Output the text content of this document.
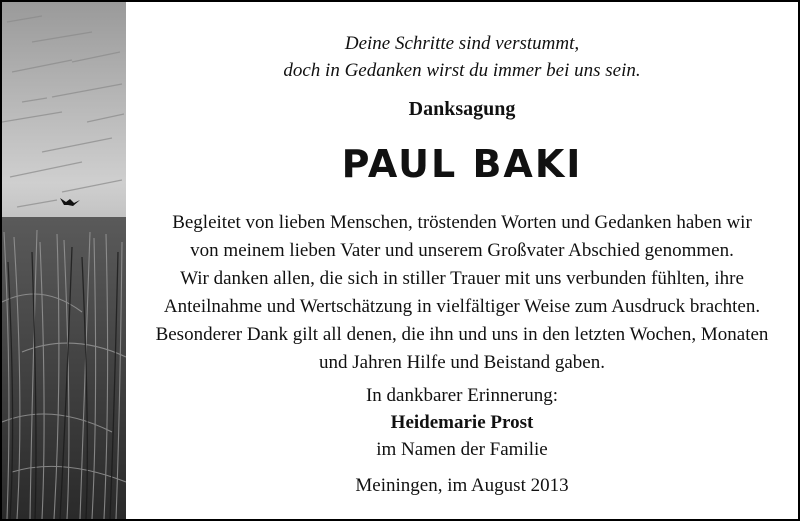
Deine Schritte sind verstummt,
doch in Gedanken wirst du immer bei uns sein.
Danksagung
PAUL BAKI
Begleitet von lieben Menschen, tröstenden Worten und Gedanken haben wir
von meinem lieben Vater und unserem Großvater Abschied genommen.
Wir danken allen, die sich in stiller Trauer mit uns verbunden fühlten, ihre
Anteilnahme und Wertschätzung in vielfältiger Weise zum Ausdruck brachten.
Besonderer Dank gilt all denen, die ihn und uns in den letzten Wochen, Monaten
und Jahren Hilfe und Beistand gaben.
In dankbarer Erinnerung:
Heidemarie Prost
im Namen der Familie
Meiningen, im August 2013
